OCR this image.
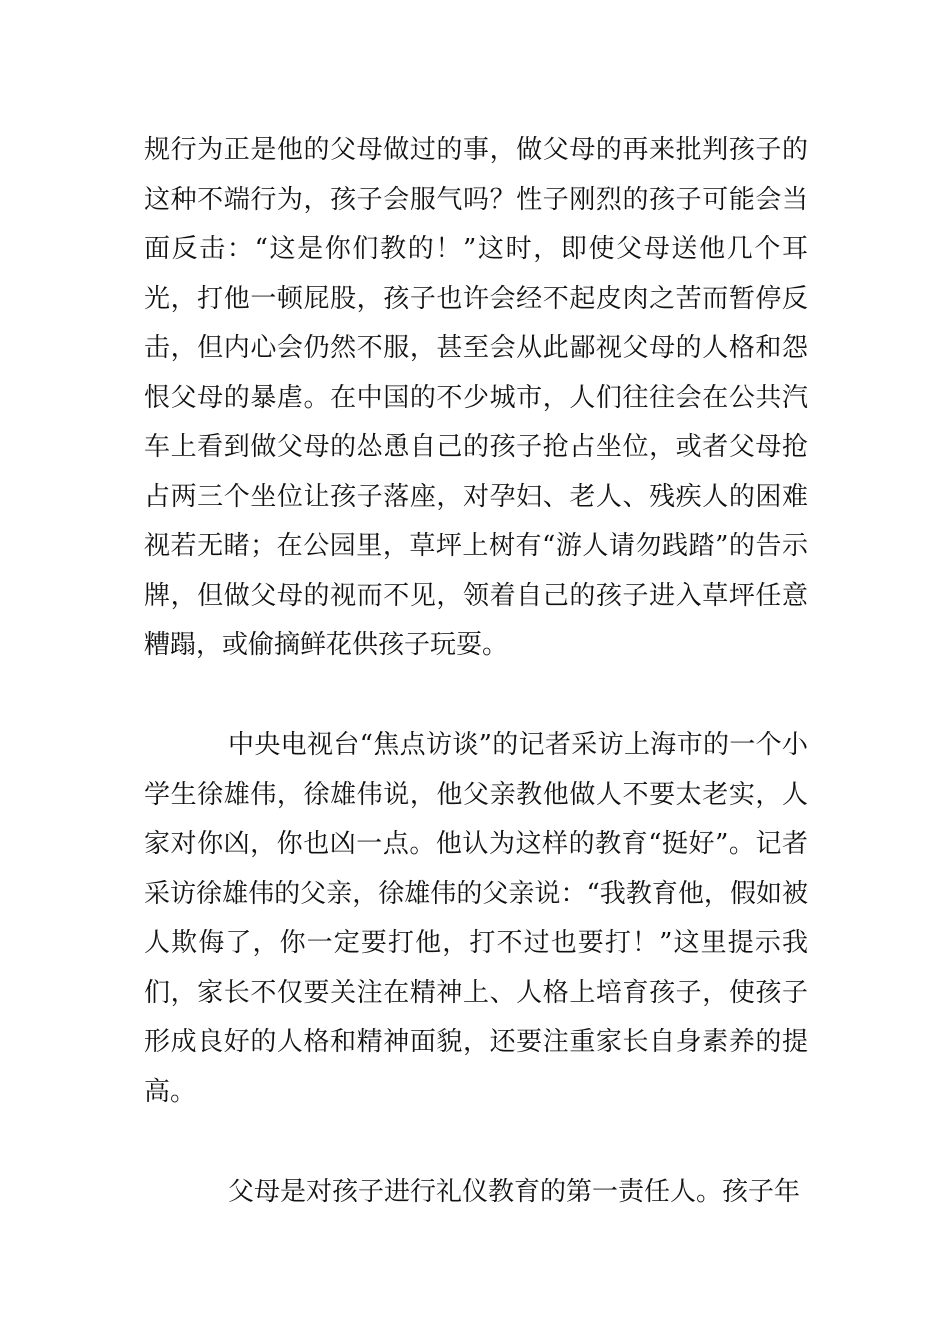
规行为正是他的父母做过的事，做父母的再来批判孩子的这种不端行为，孩子会服气吗？性子刚烈的孩子可能会当面反击：“这是你们教的！”这时，即使父母送他几个耳光，打他一顿屁股，孩子也许会经不起皮肉之苦而暂停反击，但内心会仍然不服，甚至会从此鄙视父母的人格和怨恨父母的暴虐。在中国的不少城市，人们往往会在公共汽车上看到做父母的怂恿自己的孩子抢占坐位，或者父母抢占两三个坐位让孩子落座，对孕妇、老人、残疾人的困难视若无睹；在公园里，草坪上树有“游人请勿践踏”的告示牌，但做父母的视而不见，领着自己的孩子进入草坪任意糟蹋，或偷摘鲜花供孩子玩耍。

中央电视台“焦点访谈”的记者采访上海市的一个小学生徐雄伟，徐雄伟说，他父亲教他做人不要太老实，人家对你凶，你也凶一点。他认为这样的教育“挺好”。记者采访徐雄伟的父亲，徐雄伟的父亲说：“我教育他，假如被人欺侮了，你一定要打他，打不过也要打！”这里提示我们，家长不仅要关注在精神上、人格上培育孩子，使孩子形成良好的人格和精神面貌，还要注重家长自身素养的提高。

父母是对孩子进行礼仪教育的第一责任人。孩子年
